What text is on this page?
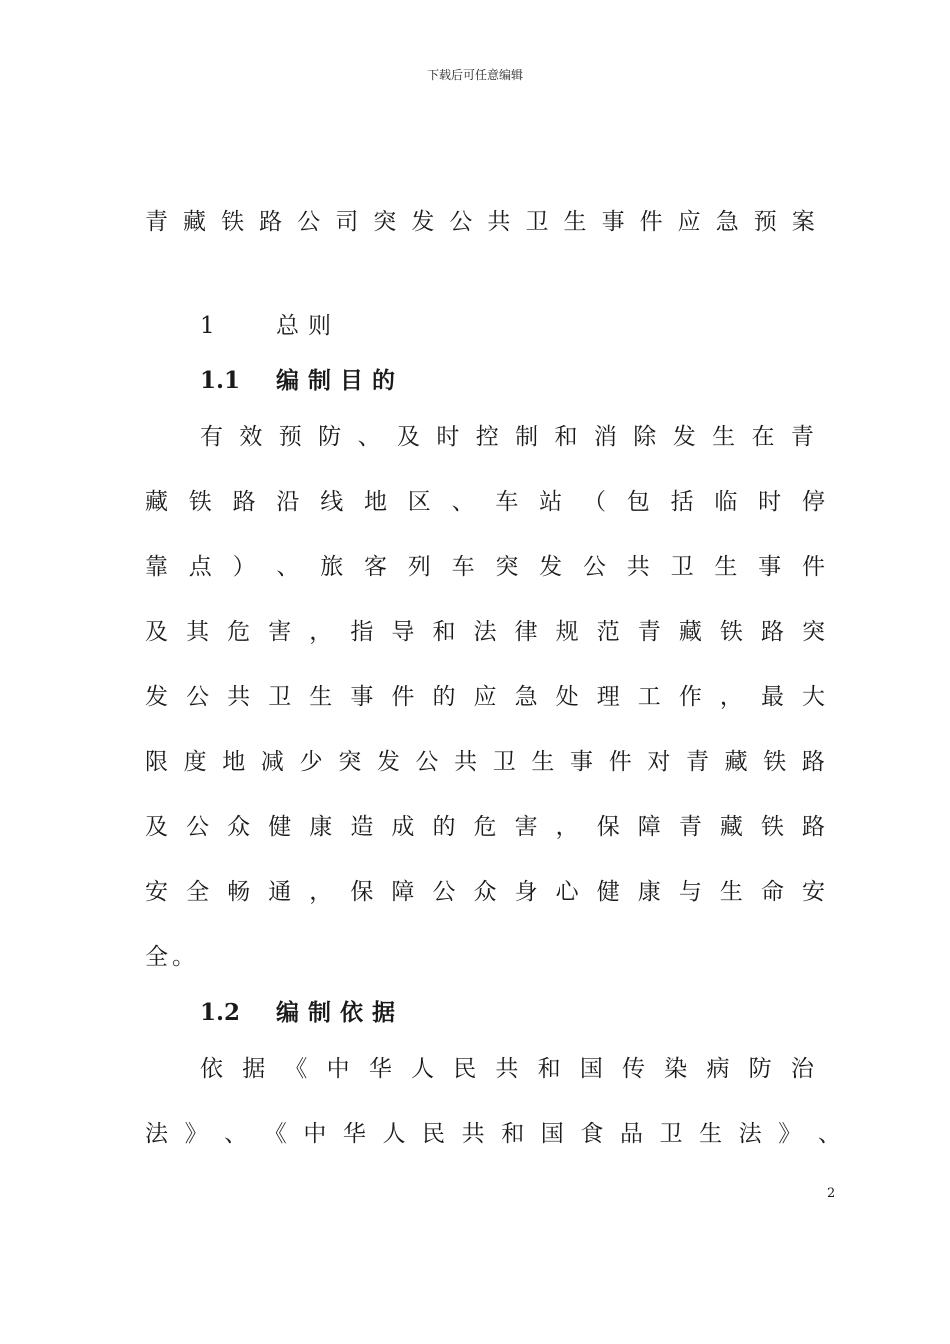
下载后可任意编辑
青 藏 铁 路 公 司 突 发 公 共 卫 生 事 件 应 急 预 案
1	总则
1.1 编制目的
有 效 预 防 、 及 时 控 制 和 消 除 发 生 在 青
藏 铁 路 沿 线 地 区 、 车 站 （ 包 括 临 时 停
靠 点 ） 、 旅 客 列 车 突 发 公 共 卫 生 事 件
及 其 危 害 ， 指 导 和 法 律 规 范 青 藏 铁 路 突
发 公 共 卫 生 事 件 的 应 急 处 理 工 作 ， 最 大
限 度 地 减 少 突 发 公 共 卫 生 事 件 对 青 藏 铁 路
及 公 众 健 康 造 成 的 危 害 ， 保 障 青 藏 铁 路
安 全 畅 通 ， 保 障 公 众 身 心 健 康 与 生 命 安
全 。
1.2 编制依据
依 据 《 中 华 人 民 共 和 国 传 染 病 防 治
法 》 、 《 中 华 人 民 共 和 国 食 品 卫 生 法 》 、
2
